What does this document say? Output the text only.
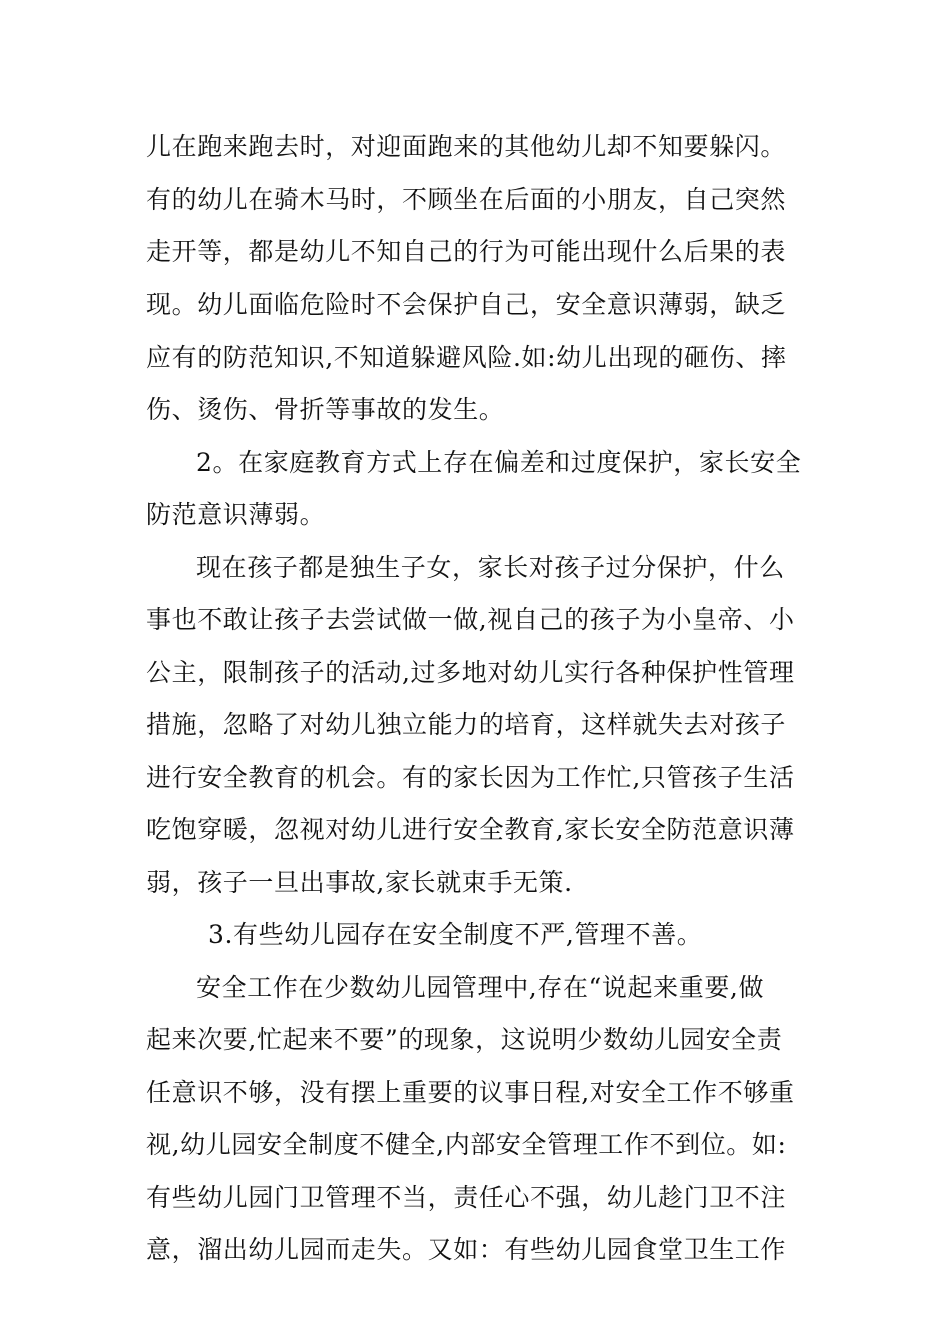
儿在跑来跑去时，对迎面跑来的其他幼儿却不知要躲闪。
有的幼儿在骑木马时，不顾坐在后面的小朋友，自己突然
走开等，都是幼儿不知自己的行为可能出现什么后果的表
现。幼儿面临危险时不会保护自己，安全意识薄弱，缺乏
应有的防范知识,不知道躲避风险.如:幼儿出现的砸伤、摔
伤、烫伤、骨折等事故的发生。
2。在家庭教育方式上存在偏差和过度保护，家长安全
防范意识薄弱。
现在孩子都是独生子女，家长对孩子过分保护，什么
事也不敢让孩子去尝试做一做,视自己的孩子为小皇帝、小
公主，限制孩子的活动,过多地对幼儿实行各种保护性管理
措施，忽略了对幼儿独立能力的培育，这样就失去对孩子
进行安全教育的机会。有的家长因为工作忙,只管孩子生活
吃饱穿暖，忽视对幼儿进行安全教育,家长安全防范意识薄
弱，孩子一旦出事故,家长就束手无策.
3.有些幼儿园存在安全制度不严,管理不善。
安全工作在少数幼儿园管理中,存在“说起来重要,做
起来次要,忙起来不要”的现象，这说明少数幼儿园安全责
任意识不够，没有摆上重要的议事日程,对安全工作不够重
视,幼儿园安全制度不健全,内部安全管理工作不到位。如:
有些幼儿园门卫管理不当，责任心不强，幼儿趁门卫不注
意，溜出幼儿园而走失。又如：有些幼儿园食堂卫生工作
